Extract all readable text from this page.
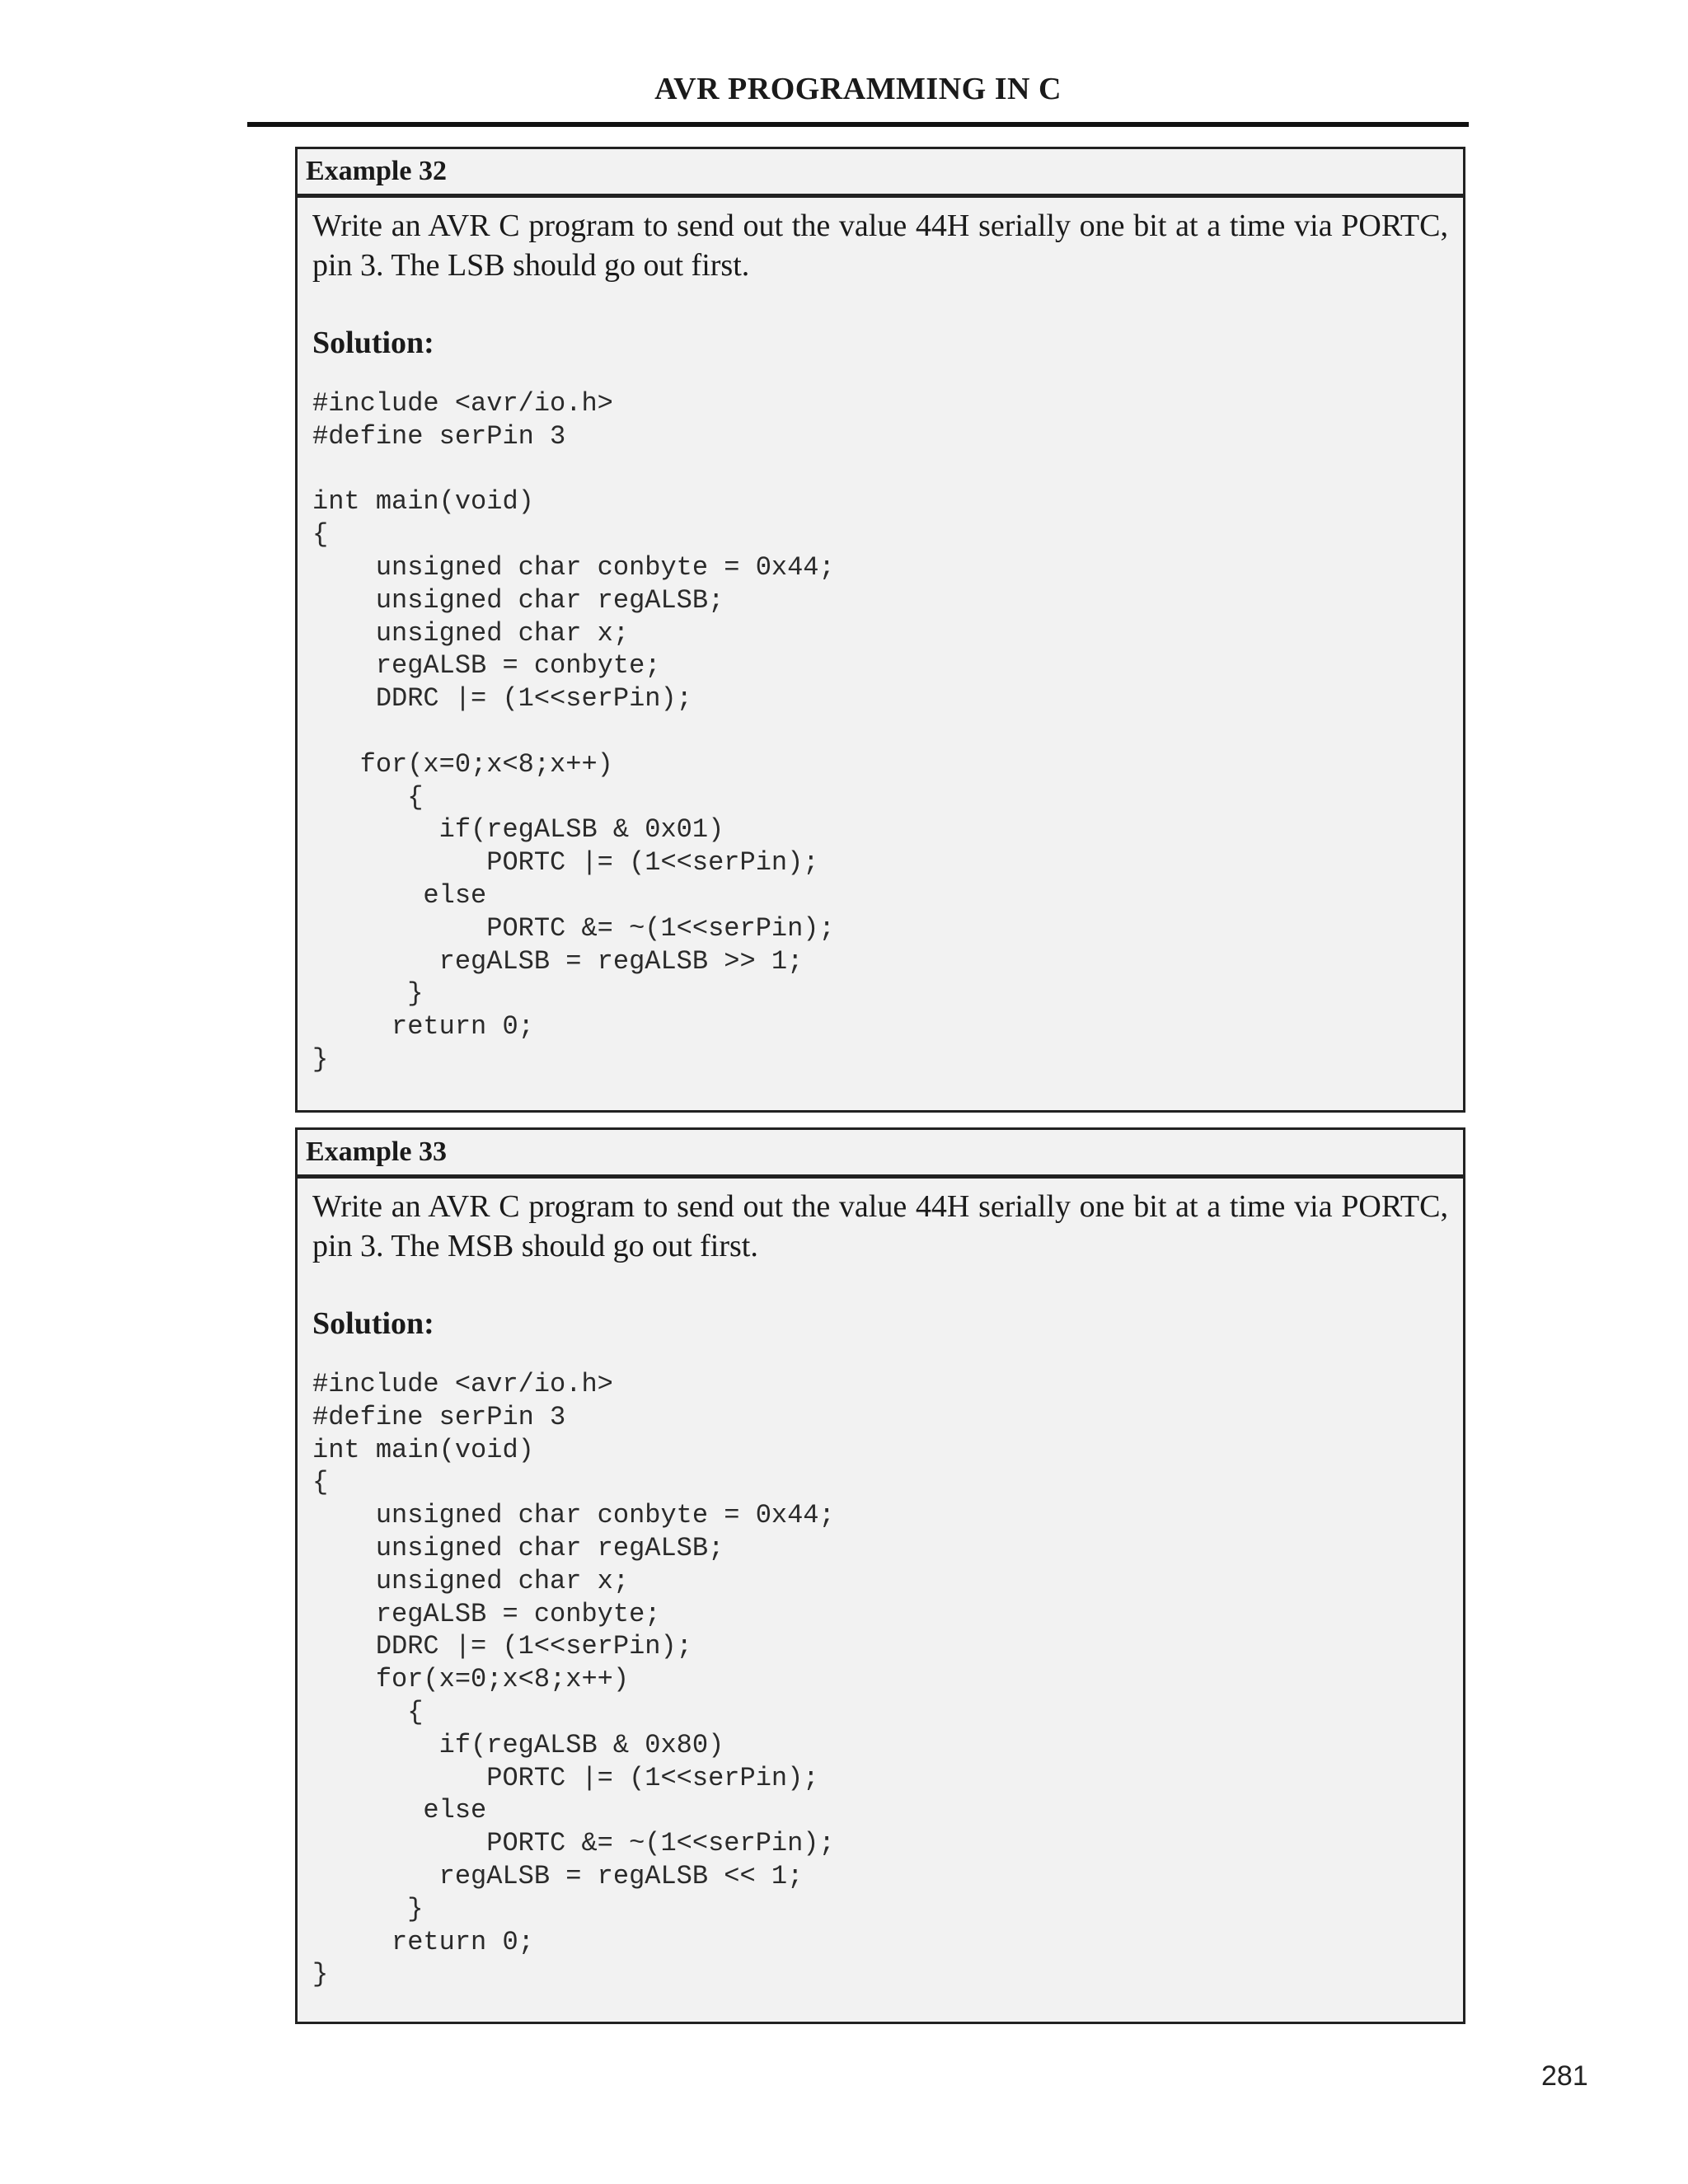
AVR PROGRAMMING IN C
Example 32

Write an AVR C program to send out the value 44H serially one bit at a time via PORTC, pin 3. The LSB should go out first.

Solution:

#include <avr/io.h>
#define serPin 3

int main(void)
{
unsigned char conbyte = 0x44;
unsigned char regALSB;
unsigned char x;
regALSB = conbyte;
DDRC |= (1<<serPin);

for(x=0;x<8;x++)
{
if(regALSB & 0x01)
PORTC |= (1<<serPin);
else
PORTC &= ~(1<<serPin);
regALSB = regALSB >> 1;
}
return 0;
}
Example 33

Write an AVR C program to send out the value 44H serially one bit at a time via PORTC, pin 3. The MSB should go out first.

Solution:

#include <avr/io.h>
#define serPin 3
int main(void)
{
unsigned char conbyte = 0x44;
unsigned char regALSB;
unsigned char x;
regALSB = conbyte;
DDRC |= (1<<serPin);
for(x=0;x<8;x++)
{
if(regALSB & 0x80)
PORTC |= (1<<serPin);
else
PORTC &= ~(1<<serPin);
regALSB = regALSB << 1;
}
return 0;
}
281
